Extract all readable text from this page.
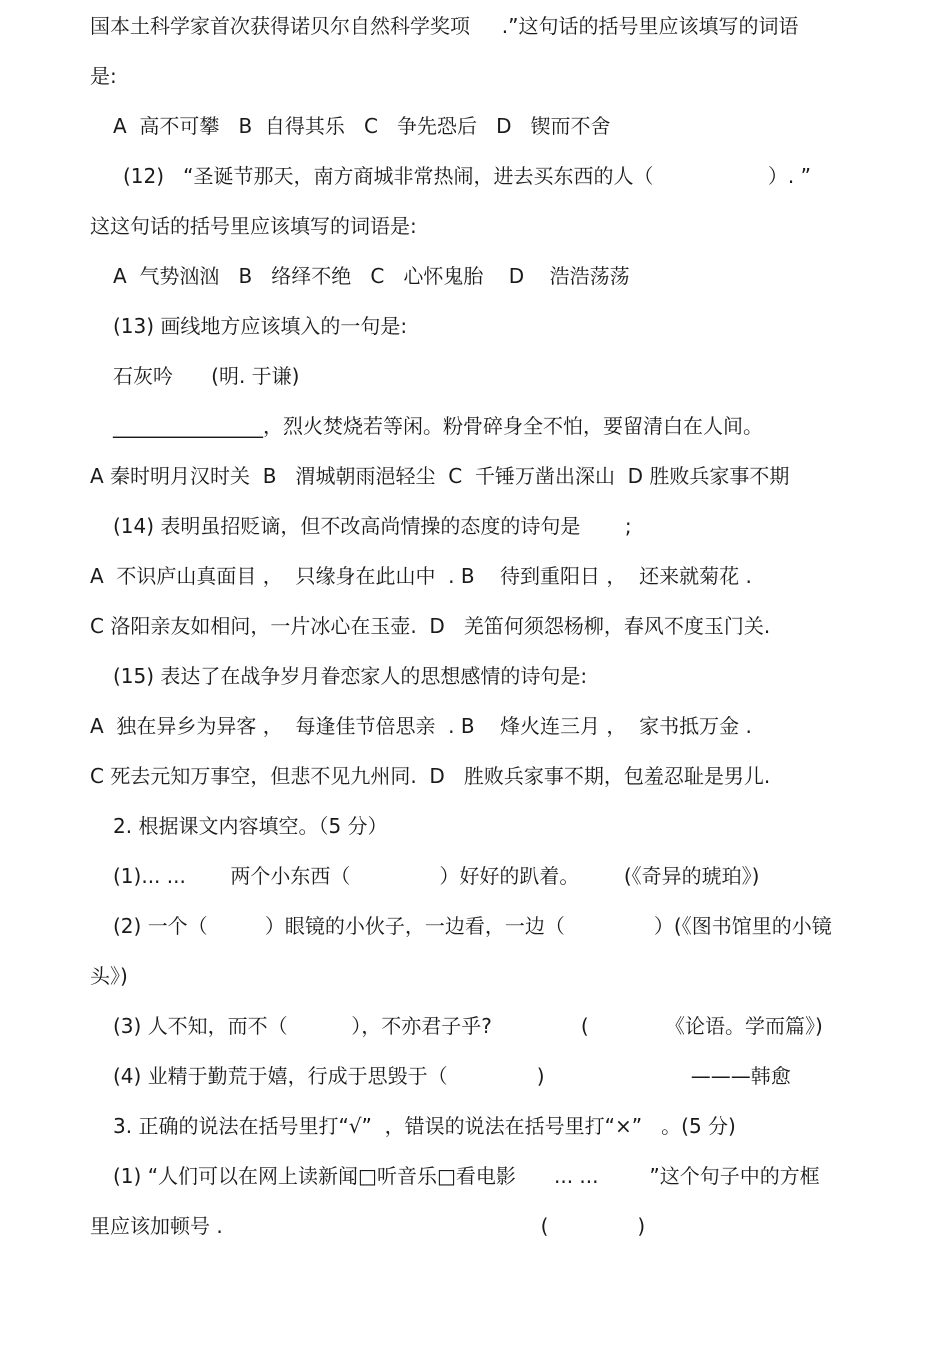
国本土科学家首次获得诺贝尔自然科学奖项     .”这句话的括号里应该填写的词语
是:
A  高不可攀   B  自得其乐   C   争先恐后   D   锲而不舍
(12)   “圣诞节那天，南方商城非常热闹，进去买东西的人（                  ）. ”
这这句话的括号里应该填写的词语是:
A  气势汹汹   B   络绎不绝   C   心怀鬼胎    D    浩浩荡荡
(13) 画线地方应该填入的一句是:
石灰吟      (明. 于谦)
_______________，烈火焚烧若等闲。粉骨碎身全不怕，要留清白在人间。
A 秦时明月汉时关  B   渭城朝雨浥轻尘  C  千锤万凿出深山  D 胜败兵家事不期
(14) 表明虽招贬谪，但不改高尚情操的态度的诗句是       ;
A  不识庐山真面目 ，  只缘身在此山中  . B    待到重阳日 ，  还来就菊花 .
C 洛阳亲友如相问，一片冰心在玉壶.  D   羌笛何须怨杨柳，春风不度玉门关.
(15) 表达了在战争岁月眷恋家人的思想感情的诗句是:
A  独在异乡为异客 ，  每逢佳节倍思亲  . B    烽火连三月 ，  家书抵万金 .
C 死去元知万事空，但悲不见九州同.  D   胜败兵家事不期，包羞忍耻是男儿.
2. 根据课文内容填空。（5 分）
(1)... ...       两个小东西（              ）好好的趴着。       (《奇异的琥珀》)
(2) 一个（         ）眼镜的小伙子，一边看，一边（              ）(《图书馆里的小镜
头》)
(3) 人不知，而不（          ），不亦君子乎?              (            《论语。学而篇》)
(4) 业精于勤荒于嬉，行成于思毁于（              )                       ———韩愈
3. 正确的说法在括号里打“√”  ，错误的说法在括号里打“×”   。(5 分)
(1) “人们可以在网上读新闻□听音乐□看电影      ... ...        ”这个句子中的方框
里应该加顿号 .                                                  (              )
